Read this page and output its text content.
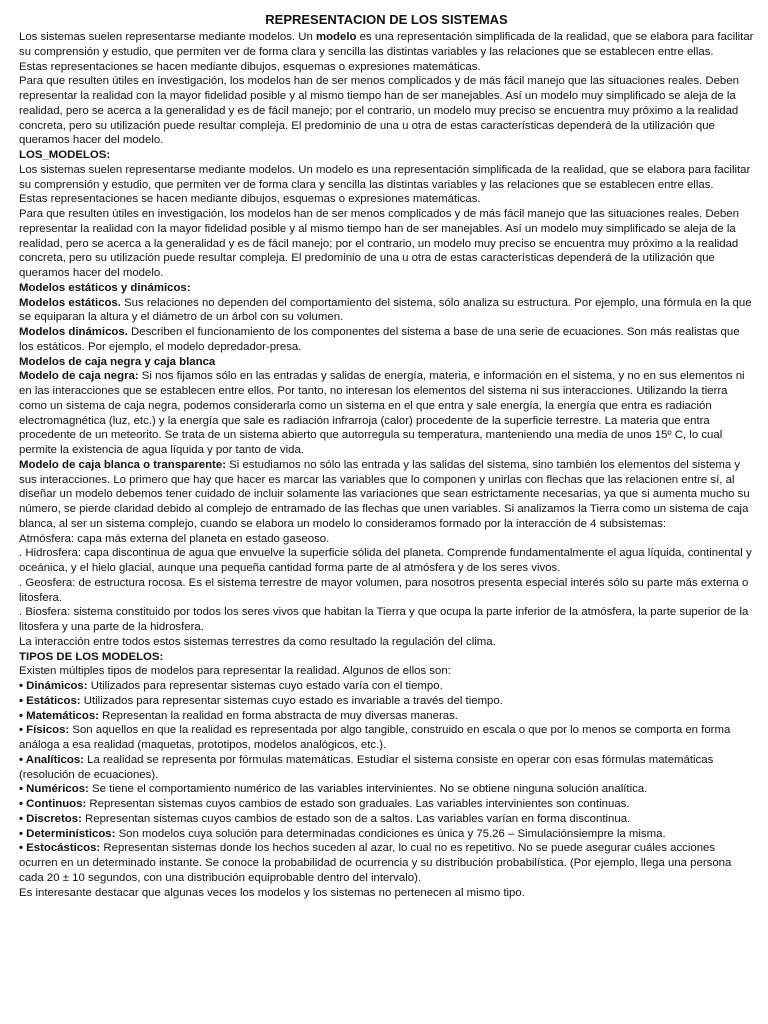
REPRESENTACION DE LOS SISTEMAS

Los sistemas suelen representarse mediante modelos. Un modelo es una representación simplificada de la realidad, que se elabora para facilitar su comprensión y estudio, que permiten ver de forma clara y sencilla las distintas variables y las relaciones que se establecen entre ellas.

Estas representaciones se hacen mediante dibujos, esquemas o expresiones matemáticas.

Para que resulten útiles en investigación, los modelos han de ser menos complicados y de más fácil manejo que las situaciones reales. Deben representar la realidad con la mayor fidelidad posible y al mismo tiempo han de ser manejables. Así un modelo muy simplificado se aleja de la realidad, pero se acerca a la generalidad y es de fácil manejo; por el contrario, un modelo muy preciso se encuentra muy próximo a la realidad concreta, pero su utilización puede resultar compleja. El predominio de una u otra de estas características dependerá de la utilización que queramos hacer del modelo.

LOS_MODELOS:

Los sistemas suelen representarse mediante modelos. Un modelo es una representación simplificada de la realidad, que se elabora para facilitar su comprensión y estudio, que permiten ver de forma clara y sencilla las distintas variables y las relaciones que se establecen entre ellas.

Estas representaciones se hacen mediante dibujos, esquemas o expresiones matemáticas.

Para que resulten útiles en investigación, los modelos han de ser menos complicados y de más fácil manejo que las situaciones reales. Deben representar la realidad con la mayor fidelidad posible y al mismo tiempo han de ser manejables. Así un modelo muy simplificado se aleja de la realidad, pero se acerca a la generalidad y es de fácil manejo; por el contrario, un modelo muy preciso se encuentra muy próximo a la realidad concreta, pero su utilización puede resultar compleja. El predominio de una u otra de estas características dependerá de la utilización que queramos hacer del modelo.

Modelos estáticos y dinámicos:

Modelos estáticos. Sus relaciones no dependen del comportamiento del sistema, sólo analiza su estructura. Por ejemplo, una fórmula en la que se equiparan la altura y el diámetro de un árbol con su volumen.

Modelos dinámicos. Describen el funcionamiento de los componentes del sistema a base de una serie de ecuaciones. Son más realistas que los estáticos. Por ejemplo, el modelo depredador-presa.

Modelos de caja negra y caja blanca

Modelo de caja negra: Si nos fijamos sólo en las entradas y salidas de energía, materia, e información en el sistema, y no en sus elementos ni en las interacciones que se establecen entre ellos. Por tanto, no interesan los elementos del sistema ni sus interacciones. Utilizando la tierra como un sistema de caja negra, podemos considerarla como un sistema en el que entra y sale energía, la energía que entra es radiación electromagnética (luz, etc.) y la energía que sale es radiación infrarroja (calor) procedente de la superficie terrestre. La materia que entra procedente de un meteorito. Se trata de un sistema abierto que autorregula su temperatura, manteniendo una media de unos 15º C, lo cual permite la existencia de agua líquida y por tanto de vida.

Modelo de caja blanca o transparente: Si estudiamos no sólo las entrada y las salidas del sistema, sino también los elementos del sistema y sus interacciones. Lo primero que hay que hacer es marcar las variables que lo componen y unirlas con flechas que las relacionen entre sí, al diseñar un modelo debemos tener cuidado de incluir solamente las variaciones que sean estrictamente necesarias, ya que si aumenta mucho su número, se pierde claridad debido al complejo de entramado de las flechas que unen variables. Si analizamos la Tierra como un sistema de caja blanca, al ser un sistema complejo, cuando se elabora un modelo lo consideramos formado por la interacción de 4 subsistemas:

Atmósfera: capa más externa del planeta en estado gaseoso.

. Hidrosfera: capa discontinua de agua que envuelve la superficie sólida del planeta. Comprende fundamentalmente el agua líquida, continental y oceánica, y el hielo glacial, aunque una pequeña cantidad forma parte de al atmósfera y de los seres vivos.

. Geosfera: de estructura rocosa. Es el sistema terrestre de mayor volumen, para nosotros presenta especial interés sólo su parte más externa o litosfera.

. Biosfera: sistema constituido por todos los seres vivos que habitan la Tierra y que ocupa la parte inferior de la atmósfera, la parte superior de la litosfera y una parte de la hidrosfera.

La interacción entre todos estos sistemas terrestres da como resultado la regulación del clima.

TIPOS DE LOS MODELOS:

Existen múltiples tipos de modelos para representar la realidad. Algunos de ellos son:

• Dinámicos: Utilizados para representar sistemas cuyo estado varía con el tiempo.

• Estáticos: Utilizados para representar sistemas cuyo estado es invariable a través del tiempo.

• Matemáticos: Representan la realidad en forma abstracta de muy diversas maneras.

• Físicos: Son aquellos en que la realidad es representada por algo tangible, construido en escala o que por lo menos se comporta en forma análoga a esa realidad (maquetas, prototipos, modelos analógicos, etc.).

• Analíticos: La realidad se representa por fórmulas matemáticas. Estudiar el sistema consiste en operar con esas fórmulas matemáticas (resolución de ecuaciones).

• Numéricos: Se tiene el comportamiento numérico de las variables intervinientes. No se obtiene ninguna solución analítica.

• Continuos: Representan sistemas cuyos cambios de estado son graduales. Las variables intervinientes son continuas.

• Discretos: Representan sistemas cuyos cambios de estado son de a saltos. Las variables varían en forma discontinua.

• Determinísticos: Son modelos cuya solución para determinadas condiciones es única y 75.26 – Simulaciónsiempre la misma.

• Estocásticos: Representan sistemas donde los hechos suceden al azar, lo cual no es repetitivo. No se puede asegurar cuáles acciones ocurren en un determinado instante. Se conoce la probabilidad de ocurrencia y su distribución probabilística. (Por ejemplo, llega una persona cada 20 ± 10 segundos, con una distribución equiprobable dentro del intervalo).

Es interesante destacar que algunas veces los modelos y los sistemas no pertenecen al mismo tipo.
